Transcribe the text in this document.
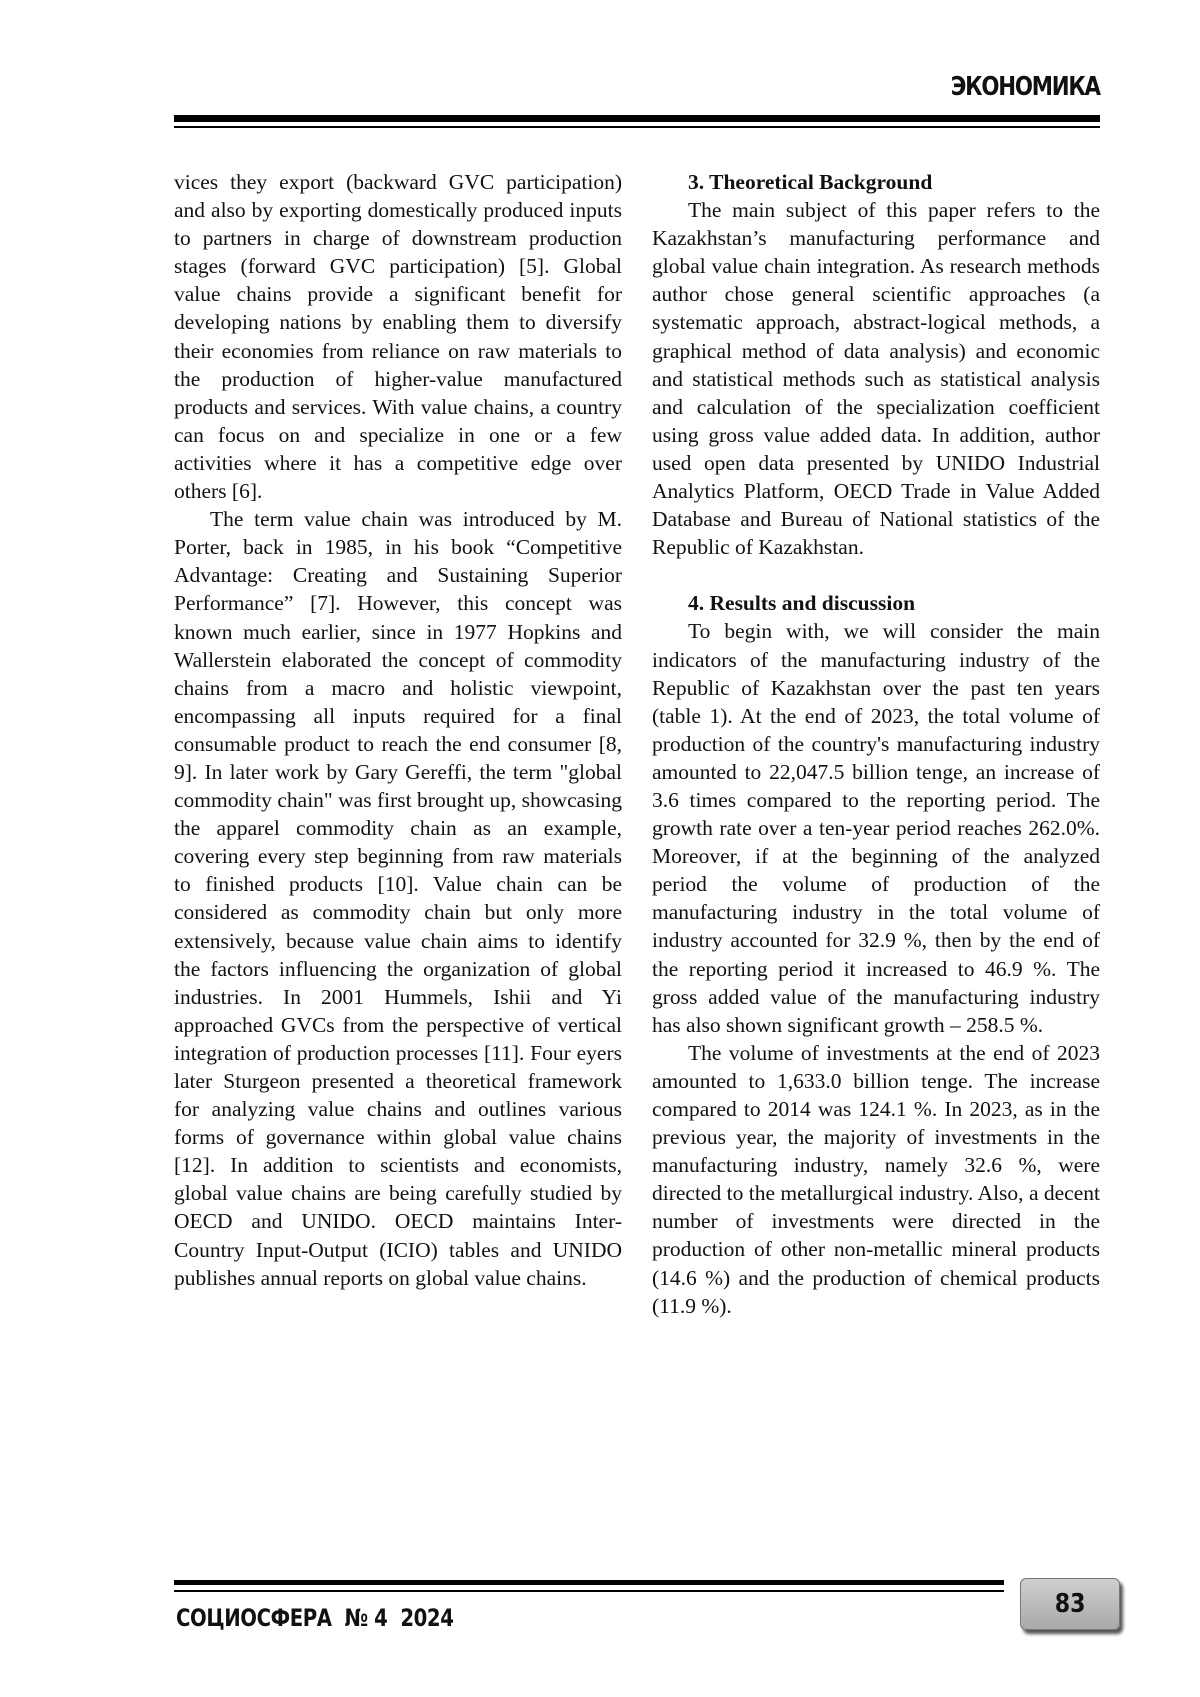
ЭКОНОМИКА

vices they export (backward GVC participation) and also by exporting domestically produced inputs to partners in charge of downstream production stages (forward GVC participation) [5]. Global value chains provide a significant benefit for developing nations by enabling them to diversify their economies from reliance on raw materials to the production of higher-value manufactured products and services. With value chains, a country can focus on and specialize in one or a few activities where it has a competitive edge over others [6].

The term value chain was introduced by M. Porter, back in 1985, in his book “Competitive Advantage: Creating and Sustaining Superior Performance” [7]. However, this concept was known much earlier, since in 1977 Hopkins and Wallerstein elaborated the concept of commodity chains from a macro and holistic viewpoint, encompassing all inputs required for a final consumable product to reach the end consumer [8, 9]. In later work by Gary Gereffi, the term "global commodity chain" was first brought up, showcasing the apparel commodity chain as an example, covering every step beginning from raw materials to finished products [10]. Value chain can be considered as commodity chain but only more extensively, because value chain aims to identify the factors influencing the organization of global industries. In 2001 Hummels, Ishii and Yi approached GVCs from the perspective of vertical integration of production processes [11]. Four eyers later Sturgeon presented a theoretical framework for analyzing value chains and outlines various forms of governance within global value chains [12]. In addition to scientists and economists, global value chains are being carefully studied by OECD and UNIDO. OECD maintains Inter-Country Input-Output (ICIO) tables and UNIDO publishes annual reports on global value chains.

3. Theoretical Background

The main subject of this paper refers to the Kazakhstan’s manufacturing performance and global value chain integration. As research methods author chose general scientific approaches (a systematic approach, abstract-logical methods, a graphical method of data analysis) and economic and statistical methods such as statistical analysis and calculation of the specialization coefficient using gross value added data. In addition, author used open data presented by UNIDO Industrial Analytics Platform, OECD Trade in Value Added Database and Bureau of National statistics of the Republic of Kazakhstan.

4. Results and discussion

To begin with, we will consider the main indicators of the manufacturing industry of the Republic of Kazakhstan over the past ten years (table 1). At the end of 2023, the total volume of production of the country's manufacturing industry amounted to 22,047.5 billion tenge, an increase of 3.6 times compared to the reporting period. The growth rate over a ten-year period reaches 262.0%. Moreover, if at the beginning of the analyzed period the volume of production of the manufacturing industry in the total volume of industry accounted for 32.9 %, then by the end of the reporting period it increased to 46.9 %. The gross added value of the manufacturing industry has also shown significant growth – 258.5 %.

The volume of investments at the end of 2023 amounted to 1,633.0 billion tenge. The increase compared to 2014 was 124.1 %. In 2023, as in the previous year, the majority of investments in the manufacturing industry, namely 32.6 %, were directed to the metallurgical industry. Also, a decent number of investments were directed in the production of other non-metallic mineral products (14.6 %) and the production of chemical products (11.9 %).

СОЦИОСФЕРА  № 4  2024	83
